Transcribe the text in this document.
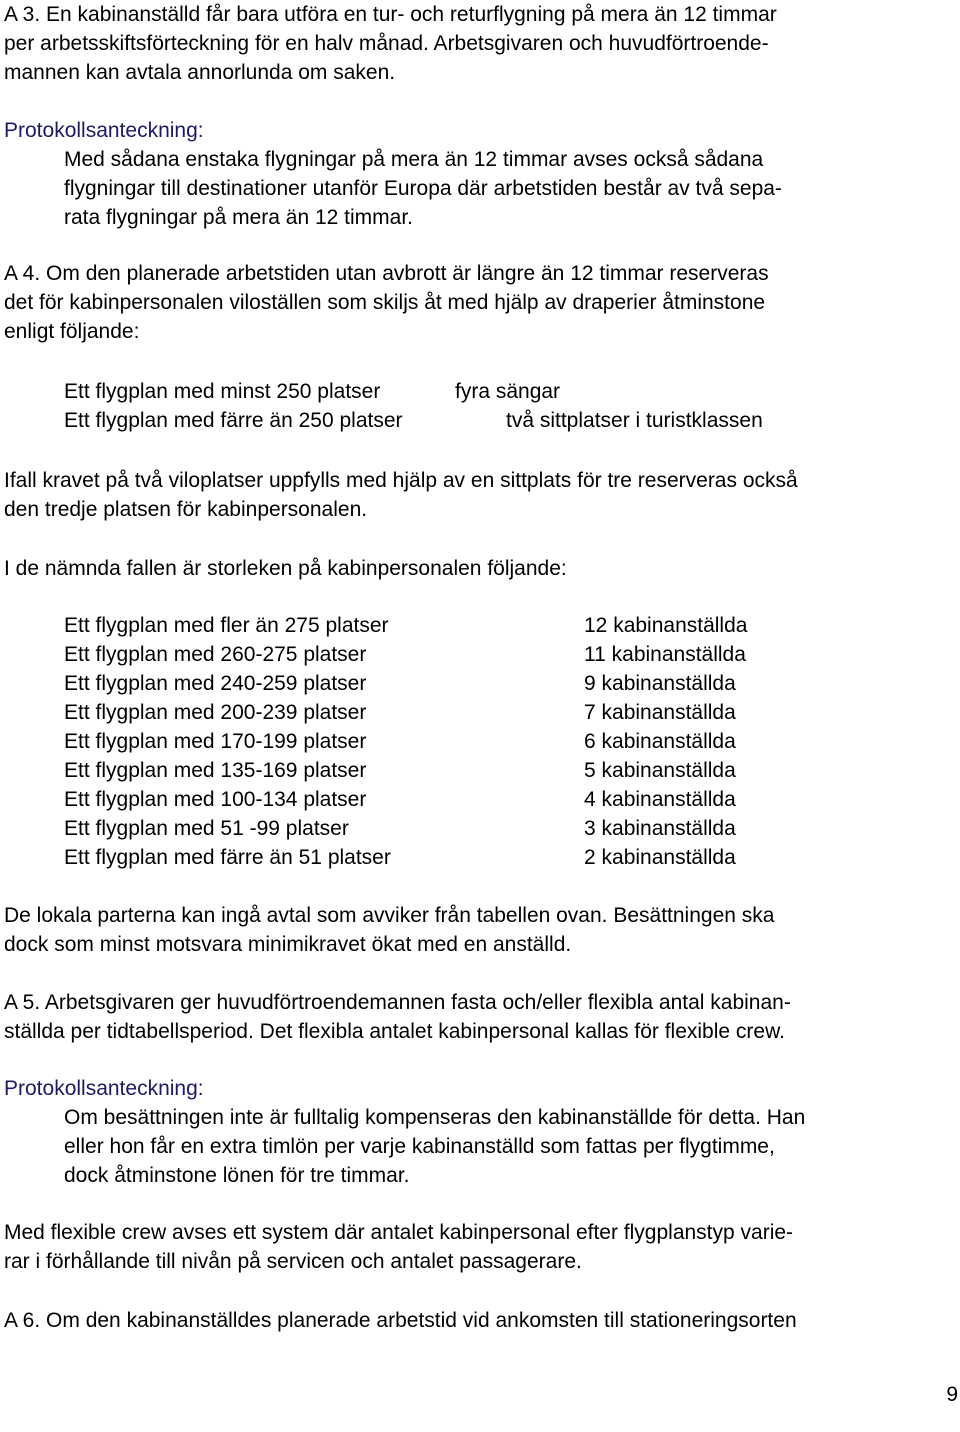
A 3. En kabinanställd får bara utföra en tur- och returflygning på mera än 12 timmar
per arbetsskiftsförteckning för en halv månad. Arbetsgivaren och huvudförtroende-
mannen kan avtala annorlunda om saken.
Protokollsanteckning:
Med sådana enstaka flygningar på mera än 12 timmar avses också sådana
flygningar till destinationer utanför Europa där arbetstiden består av två sepa-
rata flygningar på mera än 12 timmar.
A 4. Om den planerade arbetstiden utan avbrott är längre än 12 timmar reserveras
det för kabinpersonalen viloställen som skiljs åt med hjälp av draperier åtminstone
enligt följande:
Ett flygplan med minst 250 platser	fyra sängar
Ett flygplan med färre än 250 platser	två sittplatser i turistklassen
Ifall kravet på två viloplatser uppfylls med hjälp av en sittplats för tre reserveras också
den tredje platsen för kabinpersonalen.
I de nämnda fallen är storleken på kabinpersonalen följande:
Ett flygplan med fler än 275 platser	12 kabinanställda
Ett flygplan med 260-275 platser	11 kabinanställda
Ett flygplan med 240-259 platser	9 kabinanställda
Ett flygplan med 200-239 platser	7 kabinanställda
Ett flygplan med 170-199 platser	6 kabinanställda
Ett flygplan med 135-169 platser	5 kabinanställda
Ett flygplan med 100-134 platser	4 kabinanställda
Ett flygplan med 51 -99 platser	3 kabinanställda
Ett flygplan med färre än 51 platser	2 kabinanställda
De lokala parterna kan ingå avtal som avviker från tabellen ovan. Besättningen ska
dock som minst motsvara minimikravet ökat med en anställd.
A 5. Arbetsgivaren ger huvudförtroendemannen fasta och/eller flexibla antal kabinan-
ställda per tidtabellsperiod. Det flexibla antalet kabinpersonal kallas för flexible crew.
Protokollsanteckning:
Om besättningen inte är fulltalig kompenseras den kabinanställde för detta. Han
eller hon får en extra timlön per varje kabinanställd som fattas per flygtimme,
dock åtminstone lönen för tre timmar.
Med flexible crew avses ett system där antalet kabinpersonal efter flygplanstyp varie-
rar i förhållande till nivån på servicen och antalet passagerare.
A 6. Om den kabinanställdes planerade arbetstid vid ankomsten till stationeringsorten
9
